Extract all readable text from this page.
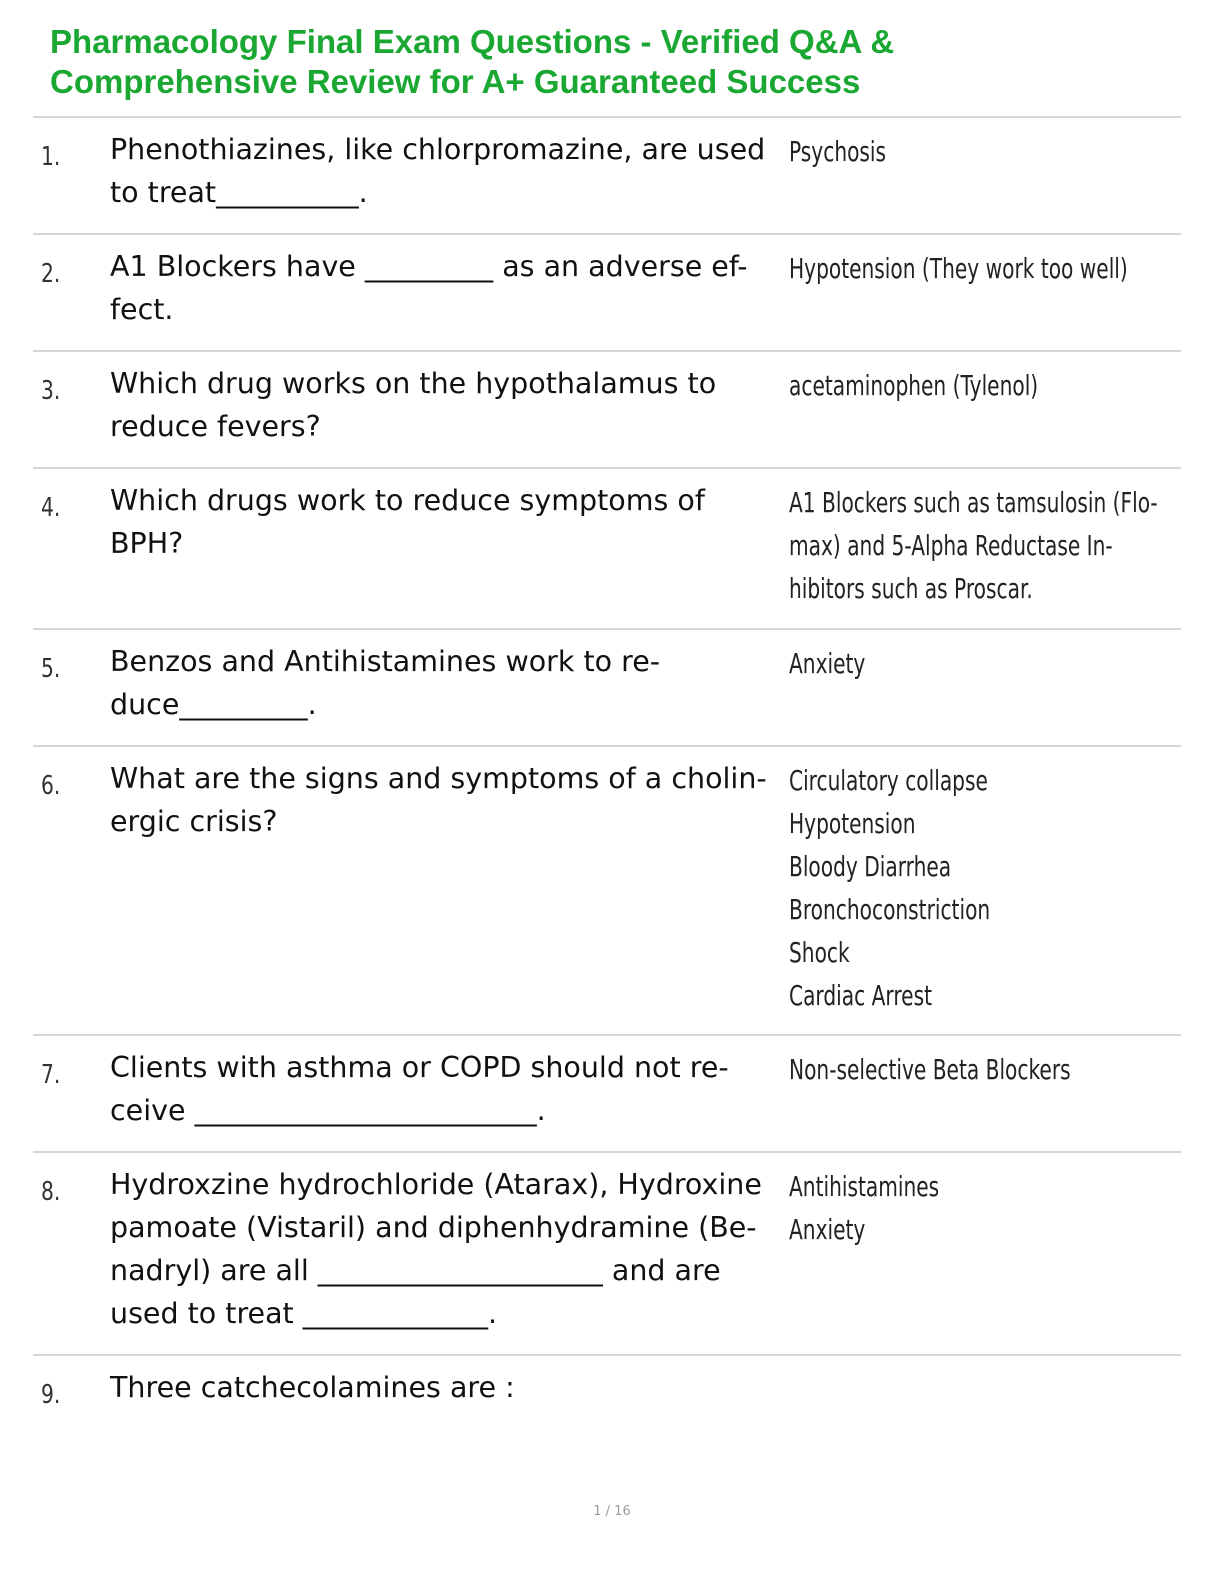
Pharmacology Final Exam Questions - Verified Q&A &
Comprehensive Review for A+ Guaranteed Success
1. Phenothiazines, like chlorpromazine, are used
to treat__________.
Psychosis
2. A1 Blockers have _________ as an adverse ef-
fect.
Hypotension (They work too well)
3. Which drug works on the hypothalamus to
reduce fevers?
acetaminophen (Tylenol)
4. Which drugs work to reduce symptoms of
BPH?
A1 Blockers such as tamsulosin (Flo-
max) and 5-Alpha Reductase In-
hibitors such as Proscar.
5. Benzos and Antihistamines work to re-
duce_________.
Anxiety
6. What are the signs and symptoms of a cholin-
ergic crisis?
Circulatory collapse
Hypotension
Bloody Diarrhea
Bronchoconstriction
Shock
Cardiac Arrest
7. Clients with asthma or COPD should not re-
ceive ________________________.
Non-selective Beta Blockers
8. Hydroxzine hydrochloride (Atarax), Hydroxine
pamoate (Vistaril) and diphenhydramine (Be-
nadryl) are all ____________________ and are
used to treat _____________.
Antihistamines
Anxiety
9. Three catchecolamines are :
1 / 16
